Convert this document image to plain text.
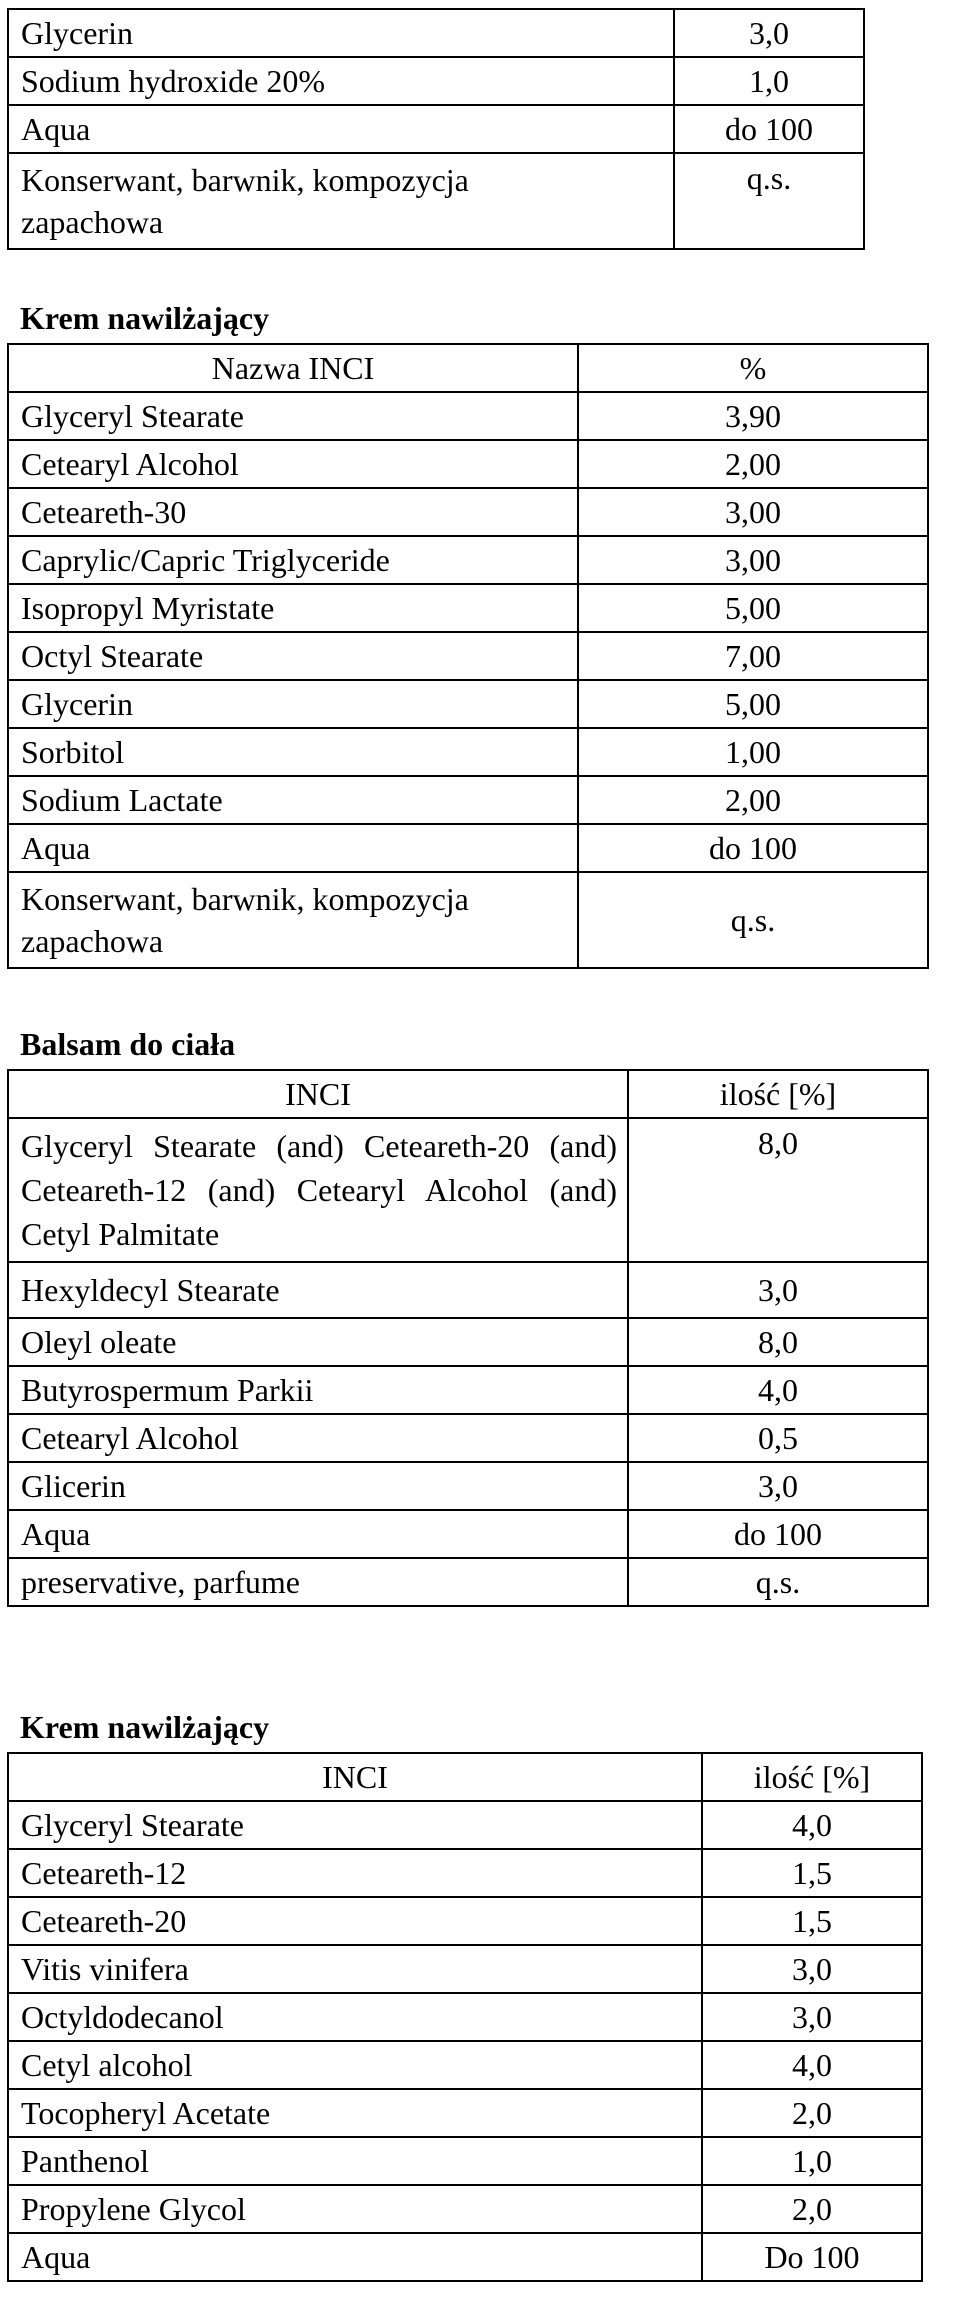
Glycerin	3,0
Sodium hydroxide 20%	1,0
Aqua	do 100
Konserwant, barwnik, kompozycja zapachowa	q.s.
Krem nawilżający
Nazwa INCI	%
Glyceryl Stearate	3,90
Cetearyl Alcohol	2,00
Ceteareth-30	3,00
Caprylic/Capric Triglyceride	3,00
Isopropyl Myristate	5,00
Octyl Stearate	7,00
Glycerin	5,00
Sorbitol	1,00
Sodium Lactate	2,00
Aqua	do 100
Konserwant, barwnik, kompozycja zapachowa	q.s.
Balsam do ciała
INCI	ilość [%]
Glyceryl Stearate (and) Ceteareth-20 (and) Ceteareth-12 (and) Cetearyl Alcohol (and) Cetyl Palmitate	8,0
Hexyldecyl Stearate	3,0
Oleyl oleate	8,0
Butyrospermum Parkii	4,0
Cetearyl Alcohol	0,5
Glicerin	3,0
Aqua	do 100
preservative, parfume	q.s.
Krem nawilżający
INCI	ilość [%]
Glyceryl Stearate	4,0
Ceteareth-12	1,5
Ceteareth-20	1,5
Vitis vinifera	3,0
Octyldodecanol	3,0
Cetyl alcohol	4,0
Tocopheryl Acetate	2,0
Panthenol	1,0
Propylene Glycol	2,0
Aqua	Do 100
